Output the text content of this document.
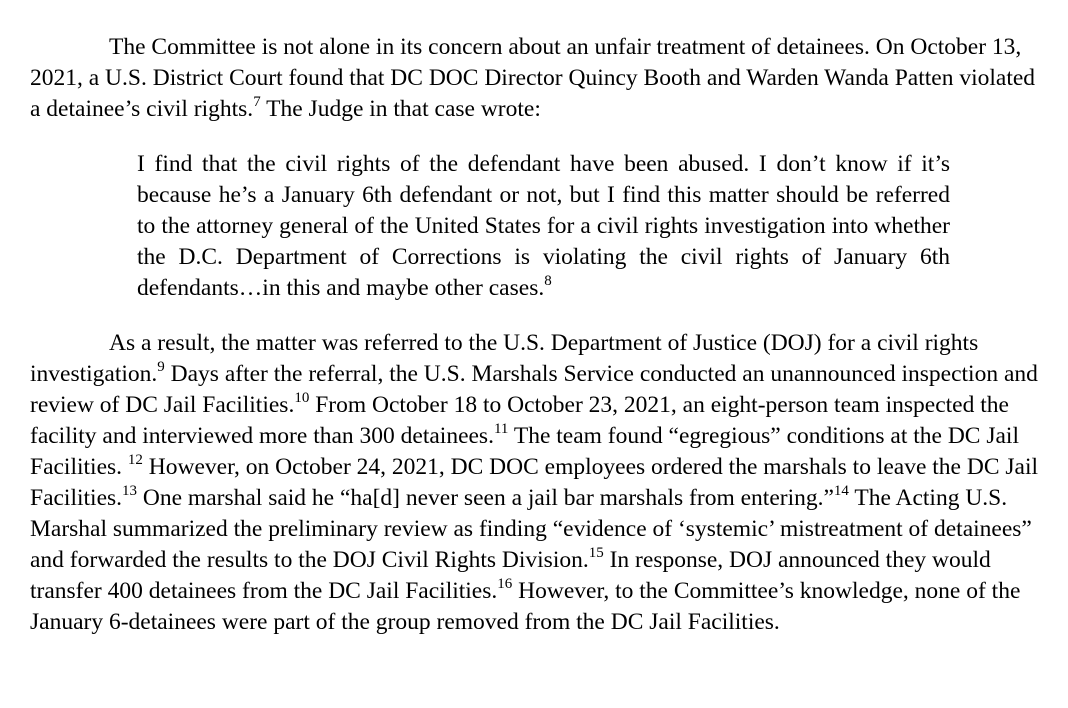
The Committee is not alone in its concern about an unfair treatment of detainees. On October 13, 2021, a U.S. District Court found that DC DOC Director Quincy Booth and Warden Wanda Patten violated a detainee’s civil rights.$^7$ The Judge in that case wrote:

I find that the civil rights of the defendant have been abused. I don’t know if it’s because he’s a January 6th defendant or not, but I find this matter should be referred to the attorney general of the United States for a civil rights investigation into whether the D.C. Department of Corrections is violating the civil rights of January 6th defendants…in this and maybe other cases.$^8$

As a result, the matter was referred to the U.S. Department of Justice (DOJ) for a civil rights investigation.$^9$ Days after the referral, the U.S. Marshals Service conducted an unannounced inspection and review of DC Jail Facilities.$^{10}$ From October 18 to October 23, 2021, an eight-person team inspected the facility and interviewed more than 300 detainees.$^{11}$ The team found “egregious” conditions at the DC Jail Facilities. $^{12}$ However, on October 24, 2021, DC DOC employees ordered the marshals to leave the DC Jail Facilities.$^{13}$ One marshal said he “ha[d] never seen a jail bar marshals from entering.”$^{14}$ The Acting U.S. Marshal summarized the preliminary review as finding “evidence of ‘systemic’ mistreatment of detainees” and forwarded the results to the DOJ Civil Rights Division.$^{15}$ In response, DOJ announced they would transfer 400 detainees from the DC Jail Facilities.$^{16}$ However, to the Committee’s knowledge, none of the January 6-detainees were part of the group removed from the DC Jail Facilities.
